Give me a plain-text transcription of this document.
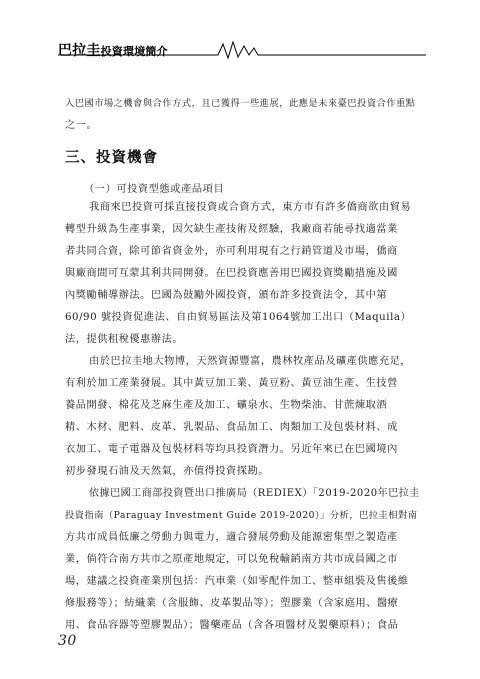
巴拉圭投資環境簡介
入巴國市場之機會與合作方式，且已獲得一些進展，此應是未來臺巴投資合作重點
之一。
三、投資機會
（一）可投資型態或產品項目
我商來巴投資可採直接投資或合資方式，東方市有許多僑商欲由貿易
轉型升級為生產事業，因欠缺生產技術及經驗，我廠商若能尋找適當業
者共同合資，除可節省資金外，亦可利用現有之行銷管道及市場，僑商
與廠商間可互蒙其利共同開發。在巴投資應善用巴國投資獎勵措施及國
內獎勵輔導辦法。巴國為鼓勵外國投資，頒布許多投資法令，其中第
60/90 號投資促進法、自由貿易區法及第1064號加工出口（Maquila）
法，提供租稅優惠辦法。
由於巴拉圭地大物博，天然資源豐富，農林牧產品及礦產供應充足，
有利於加工產業發展。其中黃豆加工業、黃豆粉、黃豆油生產、生技營
養品開發、棉花及芝麻生產及加工、礦泉水、生物柴油、甘蔗煉取酒
精、木材、肥料、皮革、乳製品、食品加工、肉類加工及包裝材料、成
衣加工、電子電器及包裝材料等均具投資潛力。另近年來已在巴國境內
初步發現石油及天然氣，亦值得投資探勘。
依據巴國工商部投資暨出口推廣局（REDIEX）「2019-2020年巴拉圭
投資指南（Paraguay Investment Guide 2019-2020）」分析，巴拉圭相對南
方共市成員低廉之勞動力與電力，適合發展勞動及能源密集型之製造產
業，倘符合南方共市之原產地規定，可以免稅輸銷南方共市成員國之市
場，建議之投資產業別包括：汽車業（如零配件加工、整車組裝及售後維
修服務等）；紡織業（含服飾、皮革製品等）；塑膠業（含家庭用、醫療
用、食品容器等塑膠製品）；醫藥產品（含各項醫材及製藥原料）；食品
30
